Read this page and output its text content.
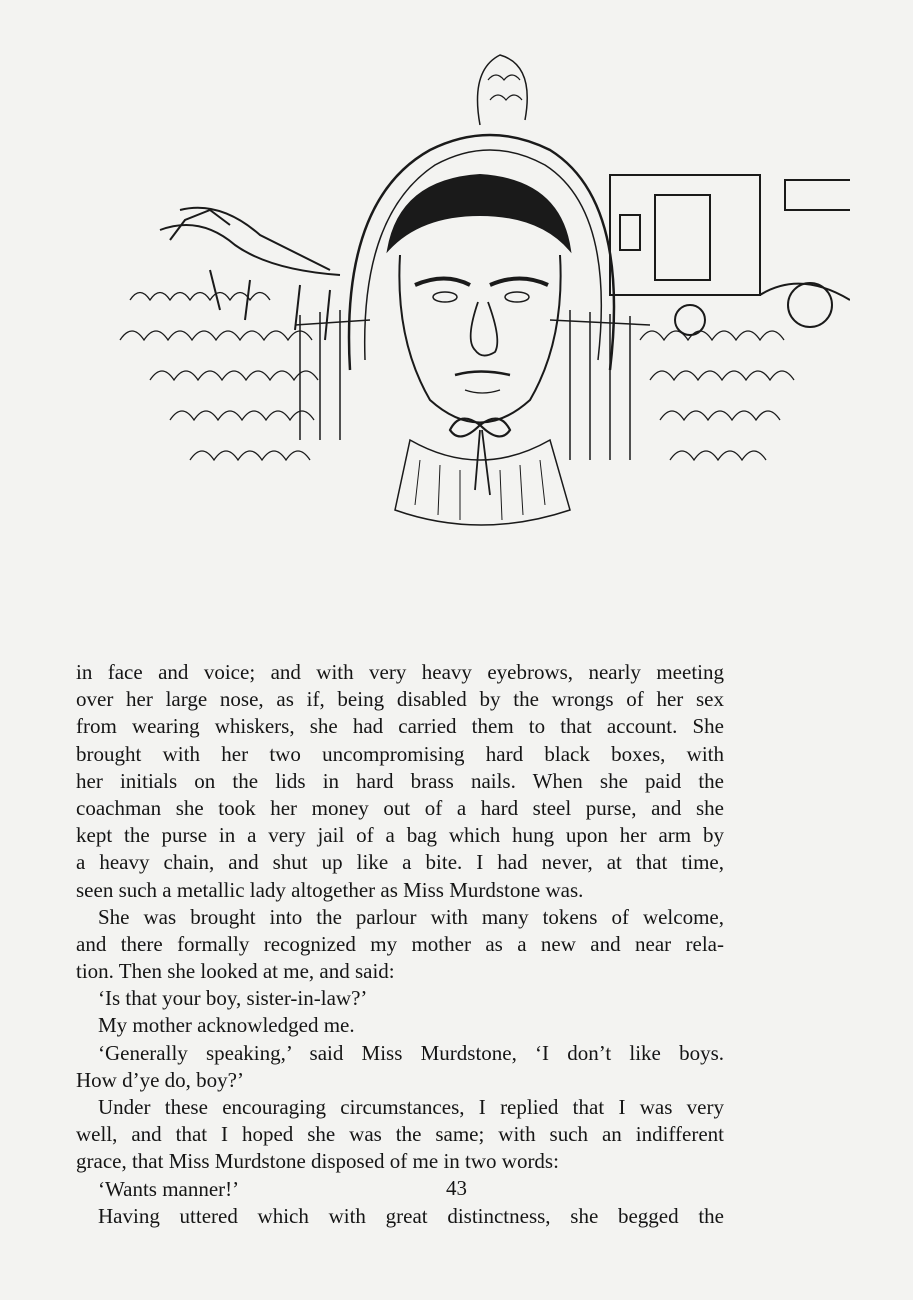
in face and voice; and with very heavy eyebrows, nearly meeting
over her large nose, as if, being disabled by the wrongs of her sex
from wearing whiskers, she had carried them to that account. She
brought with her two uncompromising hard black boxes, with
her initials on the lids in hard brass nails. When she paid the
coachman she took her money out of a hard steel purse, and she
kept the purse in a very jail of a bag which hung upon her arm by
a heavy chain, and shut up like a bite. I had never, at that time,
seen such a metallic lady altogether as Miss Murdstone was.
She was brought into the parlour with many tokens of welcome,
and there formally recognized my mother as a new and near rela-
tion. Then she looked at me, and said:
‘Is that your boy, sister-in-law?’
My mother acknowledged me.
‘Generally speaking,’ said Miss Murdstone, ‘I don’t like boys.
How d’ye do, boy?’
Under these encouraging circumstances, I replied that I was very
well, and that I hoped she was the same; with such an indifferent
grace, that Miss Murdstone disposed of me in two words:
‘Wants manner!’
Having uttered which with great distinctness, she begged the
43
